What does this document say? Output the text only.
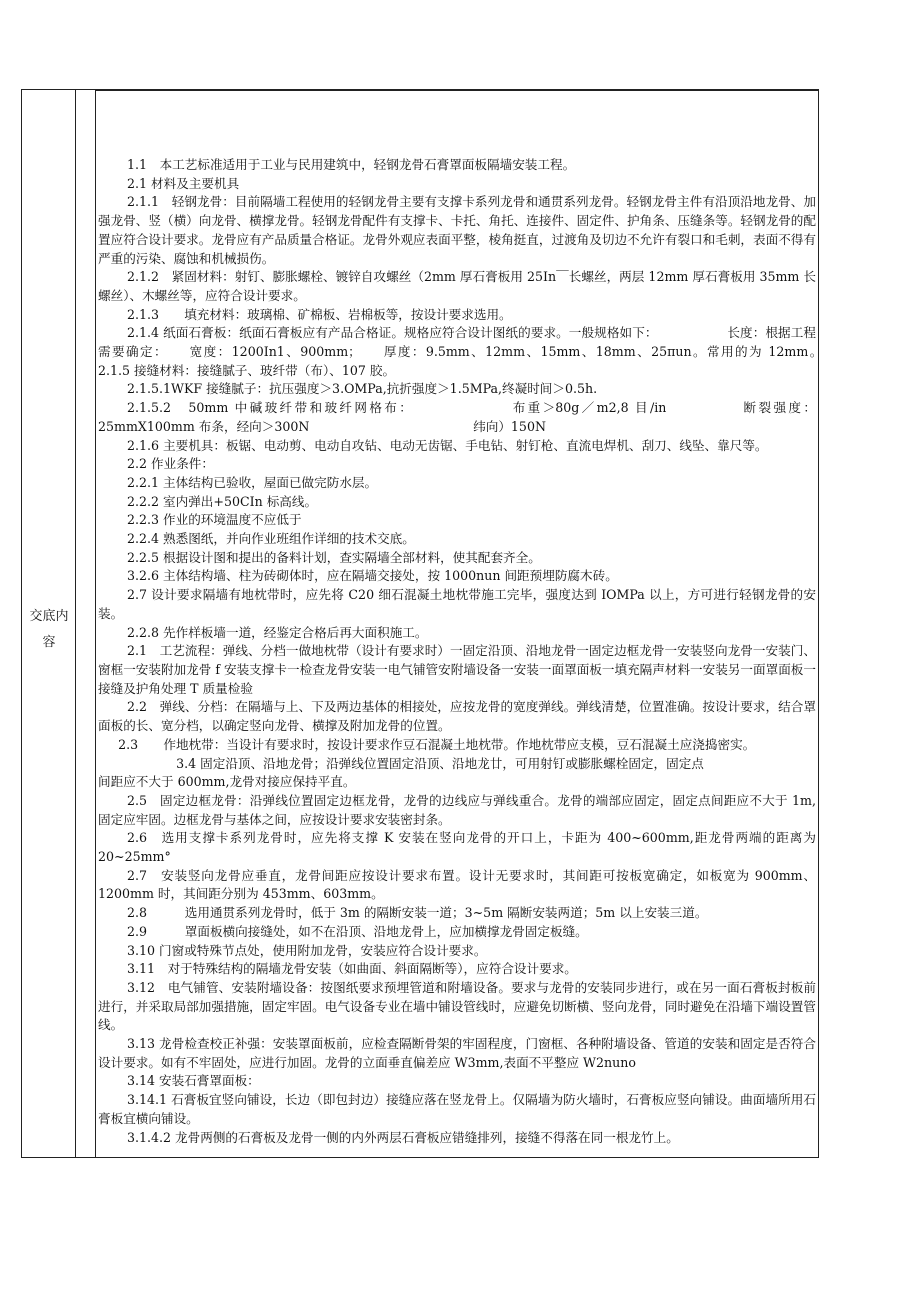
交底内
容

1.1　本工艺标准适用于工业与民用建筑中，轻钢龙骨石膏罩面板隔墙安装工程。

2.1 材料及主要机具

2.1.1　轻钢龙骨：目前隔墙工程使用的轻钢龙骨主要有支撑卡系列龙骨和通贯系列龙骨。轻钢龙骨主件有沿顶沿地龙骨、加强龙骨、竖（横）向龙骨、横撑龙骨。轻钢龙骨配件有支撑卡、卡托、角托、连接件、固定件、护角条、压缝条等。轻钢龙骨的配置应符合设计要求。龙骨应有产品质量合格证。龙骨外观应表面平整，棱角挺直，过渡角及切边不允许有裂口和毛刺，表面不得有严重的污染、腐蚀和机械损伤。

2.1.2　紧固材料：射钉、膨胀螺栓、镀锌自攻螺丝（2mm 厚石膏板用 25In￣长螺丝，两层 12mm 厚石膏板用 35mm 长螺丝）、木螺丝等，应符合设计要求。

2.1.3　　填充材料：玻璃棉、矿棉板、岩棉板等，按设计要求选用。

2.1.4 纸面石膏板：纸面石膏板应有产品合格证。规格应符合设计图纸的要求。一般规格如下：　　　　　　长度：根据工程需要确定：　　宽度：1200In1、900mm；　　厚度：9.5mm、12mm、15mm、18mm、25πun。常用的为 12mm。　　2.1.5 接缝材料：接缝腻子、玻纤带（布）、107 胶。

2.1.5.1WKF 接缝腻子：抗压强度＞3.OMPa,抗折强度＞1.5MPa,终凝时间＞0.5h.

2.1.5.2　50mm 中碱玻纤带和玻纤网格布：　　　　　　　布重＞80g／m2,8 目/in　　　　　断裂强度：25mmX100mm 布条，经向＞300N　　　　　　　　　　　　　纬向）150N

2.1.6 主要机具：板锯、电动剪、电动自攻钻、电动无齿锯、手电钻、射钉枪、直流电焊机、刮刀、线坠、靠尺等。

2.2 作业条件：

2.2.1 主体结构已验收，屋面已做完防水层。

2.2.2 室内弹出+50CIn 标高线。

2.2.3 作业的环境温度不应低于

2.2.4 熟悉图纸，并向作业班组作详细的技术交底。

2.2.5 根据设计图和提出的备料计划，查实隔墙全部材料，使其配套齐全。

3.2.6 主体结构墙、柱为砖砌体时，应在隔墙交接处，按 1000nun 间距预埋防腐木砖。

2.7 设计要求隔墙有地枕带时，应先将 C20 细石混凝土地枕带施工完毕，强度达到 IOMPa 以上，方可进行轻钢龙骨的安装。

2.2.8 先作样板墙一道，经鉴定合格后再大面积施工。

2.1　工艺流程：弹线、分档一做地枕带（设计有要求时）一固定沿顶、沿地龙骨一固定边框龙骨一安装竖向龙骨一安装门、窗框一安装附加龙骨 f 安装支撑卡一检查龙骨安装一电气铺管安附墙设备一安装一面罩面板一填充隔声材料一安装另一面罩面板一接缝及护角处理 T 质量检验

2.2　弹线、分档：在隔墙与上、下及两边基体的相接处，应按龙骨的宽度弹线。弹线清楚，位置准确。按设计要求，结合罩面板的长、宽分档，以确定竖向龙骨、横撑及附加龙骨的位置。

2.3　　作地枕带：当设计有要求时，按设计要求作豆石混凝土地枕带。作地枕带应支模，豆石混凝土应浇捣密实。

3.4 固定沿顶、沿地龙骨；沿弹线位置固定沿顶、沿地龙廿，可用射钉或膨胀螺栓固定，固定点

间距应不大于 600mm,龙骨对接应保持平直。

2.5　固定边框龙骨：沿弹线位置固定边框龙骨，龙骨的边线应与弹线重合。龙骨的端部应固定，固定点间距应不大于 1m,固定应牢固。边框龙骨与基体之间，应按设计要求安装密封条。

2.6　选用支撑卡系列龙骨时，应先将支撑 K 安装在竖向龙骨的开口上，卡距为 400~600mm,距龙骨两端的距离为 20~25mm°

2.7　安装竖向龙骨应垂直，龙骨间距应按设计要求布置。设计无要求时，其间距可按板宽确定，如板宽为 900mm、1200mm 时，其间距分别为 453mm、603mm。

2.8　　　选用通贯系列龙骨时，低于 3m 的隔断安装一道；3~5m 隔断安装两道；5m 以上安装三道。

2.9　　　罩面板横向接缝处，如不在沿顶、沿地龙骨上，应加横撑龙骨固定板缝。

3.10 门窗或特殊节点处，使用附加龙骨，安装应符合设计要求。

3.11　对于特殊结构的隔墙龙骨安装（如曲面、斜面隔断等），应符合设计要求。

3.12　电气铺管、安装附墙设备：按图纸要求预埋管道和附墙设备。要求与龙骨的安装同步进行，或在另一面石膏板封板前进行，并采取局部加强措施，固定牢固。电气设备专业在墙中铺设管线时，应避免切断横、竖向龙骨，同时避免在沿墙下端设置管线。

3.13 龙骨检查校正补强：安装罩面板前，应检查隔断骨架的牢固程度，门窗框、各种附墙设备、管道的安装和固定是否符合设计要求。如有不牢固处，应进行加固。龙骨的立面垂直偏差应 W3mm,表面不平整应 W2nuno

3.14 安装石膏罩面板：

3.14.1 石膏板宜竖向铺设，长边（即包封边）接缝应落在竖龙骨上。仅隔墙为防火墙时，石膏板应竖向铺设。曲面墙所用石膏板宜横向铺设。

3.1.4.2 龙骨两侧的石膏板及龙骨一侧的内外两层石膏板应错缝排列，接缝不得落在同一根龙竹上。
